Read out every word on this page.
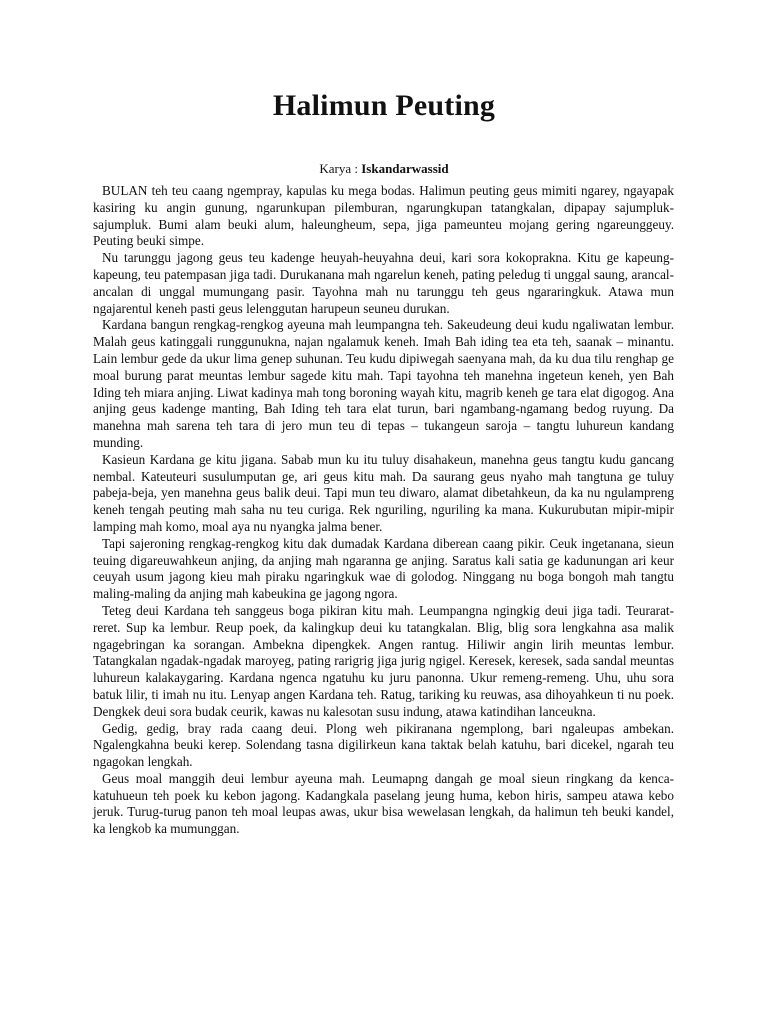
Halimun Peuting
Karya : Iskandarwassid

BULAN teh teu caang ngempray, kapulas ku mega bodas. Halimun peuting geus mimiti ngarey, ngayapak kasiring ku angin gunung, ngarunkupan pilemburan, ngarungkupan tatangkalan, dipapay sajumpluk-sajumpluk. Bumi alam beuki alum, haleungheum, sepa, jiga pameunteu mojang gering ngareunggeuy. Peuting beuki simpe.

Nu tarunggu jagong geus teu kadenge heuyah-heuyahna deui, kari sora kokoprakna. Kitu ge kapeung-kapeung, teu patempasan jiga tadi. Durukanana mah ngarelun keneh, pating peledug ti unggal saung, arancal-ancalan di unggal mumungang pasir. Tayohna mah nu tarunggu teh geus ngararingkuk. Atawa mun ngajarentul keneh pasti geus lelenggutan harupeun seuneu durukan.

Kardana bangun rengkag-rengkog ayeuna mah leumpangna teh. Sakeudeung deui kudu ngaliwatan lembur. Malah geus katinggali runggunukna, najan ngalamuk keneh. Imah Bah iding tea eta teh, saanak – minantu. Lain lembur gede da ukur lima genep suhunan. Teu kudu dipiwegah saenyana mah, da ku dua tilu renghap ge moal burung parat meuntas lembur sagede kitu mah. Tapi tayohna teh manehna ingeteun keneh, yen Bah Iding teh miara anjing. Liwat kadinya mah tong boroning wayah kitu, magrib keneh ge tara elat digogog. Ana anjing geus kadenge manting, Bah Iding teh tara elat turun, bari ngambang-ngamang bedog ruyung. Da manehna mah sarena teh tara di jero mun teu di tepas – tukangeun saroja – tangtu luhureun kandang munding.

Kasieun Kardana ge kitu jigana. Sabab mun ku itu tuluy disahakeun, manehna geus tangtu kudu gancang nembal. Kateuteuri susulumputan ge, ari geus kitu mah. Da saurang geus nyaho mah tangtuna ge tuluy pabeja-beja, yen manehna geus balik deui. Tapi mun teu diwaro, alamat dibetahkeun, da ka nu ngulampreng keneh tengah peuting mah saha nu teu curiga. Rek nguriling, nguriling ka mana. Kukurubutan mipir-mipir lamping mah komo, moal aya nu nyangka jalma bener.

Tapi sajeroning rengkag-rengkog kitu dak dumadak Kardana diberean caang pikir. Ceuk ingetanana, sieun teuing digareuwahkeun anjing, da anjing mah ngaranna ge anjing. Saratus kali satia ge kadunungan ari keur ceuyah usum jagong kieu mah piraku ngaringkuk wae di golodog. Ninggang nu boga bongoh mah tangtu maling-maling da anjing mah kabeukina ge jagong ngora.

Teteg deui Kardana teh sanggeus boga pikiran kitu mah. Leumpangna ngingkig deui jiga tadi. Teurarat-reret. Sup ka lembur. Reup poek, da kalingkup deui ku tatangkalan. Blig, blig sora lengkahna asa malik ngagebringan ka sorangan. Ambekna dipengkek. Angen rantug. Hiliwir angin lirih meuntas lembur. Tatangkalan ngadak-ngadak maroyeg, pating rarigrig jiga jurig ngigel. Keresek, keresek, sada sandal meuntas luhureun kalakaygaring. Kardana ngenca ngatuhu ku juru panonna. Ukur remeng-remeng. Uhu, uhu sora batuk lilir, ti imah nu itu. Lenyap angen Kardana teh. Ratug, tariking ku reuwas, asa dihoyahkeun ti nu poek. Dengkek deui sora budak ceurik, kawas nu kalesotan susu indung, atawa katindihan lanceukna.

Gedig, gedig, bray rada caang deui. Plong weh pikiranana ngemplong, bari ngaleupas ambekan. Ngalengkahna beuki kerep. Solendang tasna digilirkeun kana taktak belah katuhu, bari dicekel, ngarah teu ngagokan lengkah.

Geus moal manggih deui lembur ayeuna mah. Leumapng dangah ge moal sieun ringkang da kenca-katuhueun teh poek ku kebon jagong. Kadangkala paselang jeung huma, kebon hiris, sampeu atawa kebo jeruk. Turug-turug panon teh moal leupas awas, ukur bisa wewelasan lengkah, da halimun teh beuki kandel, ka lengkob ka mumunggan.
